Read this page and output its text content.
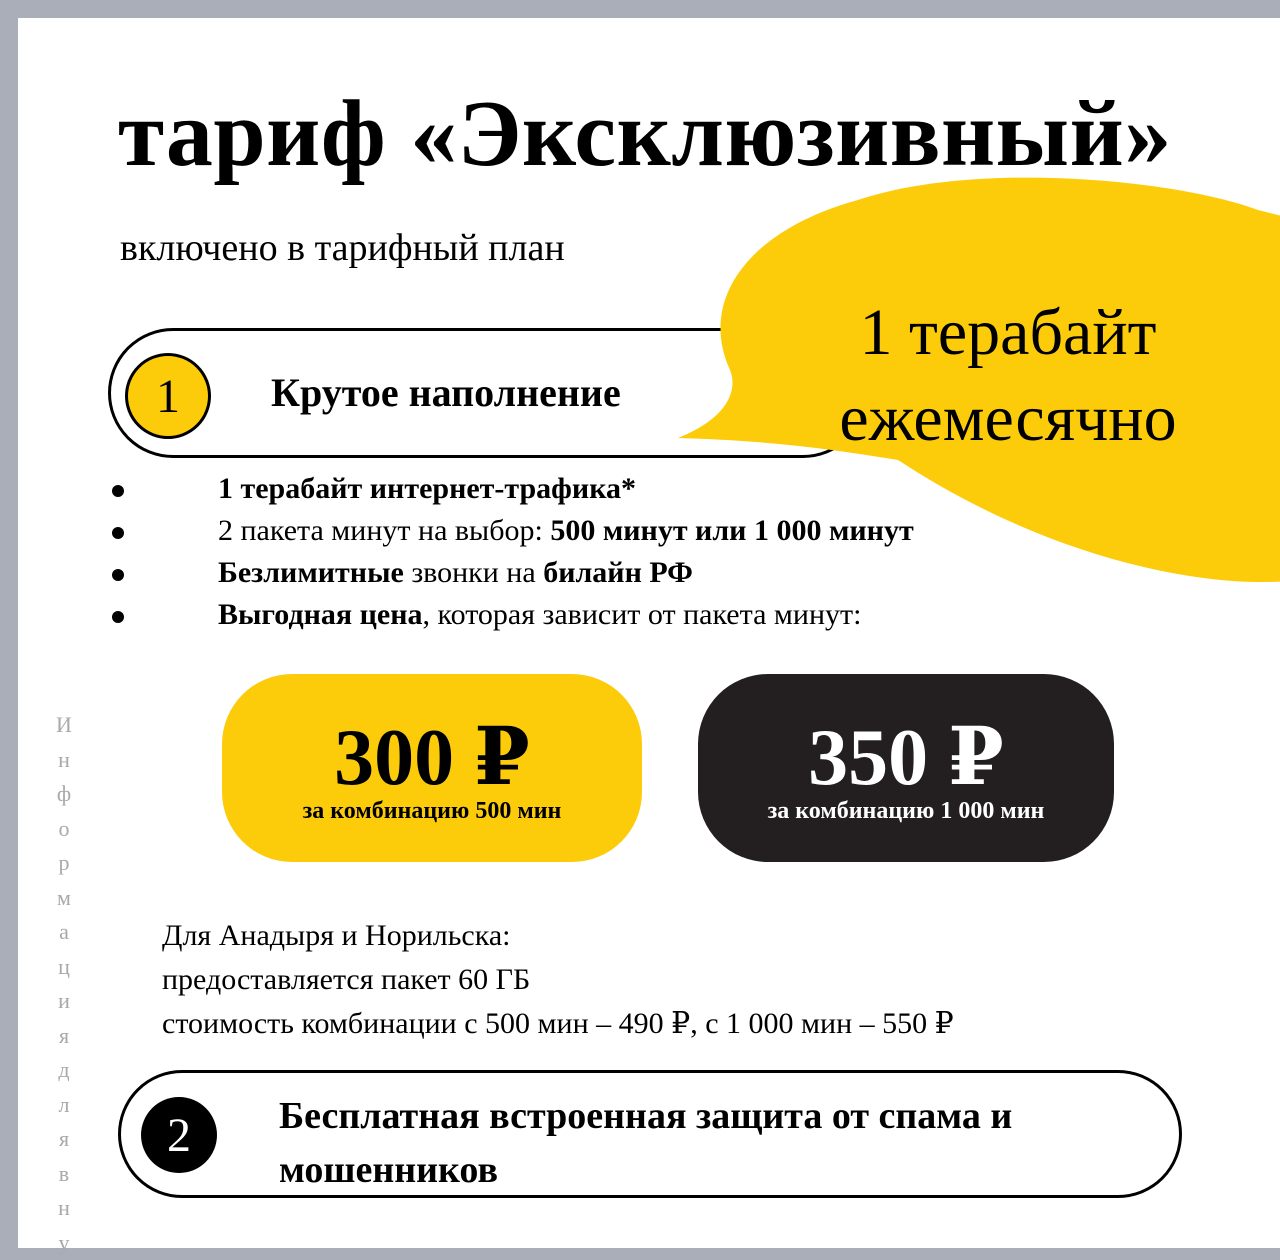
тариф «Эксклюзивный»
включено в тарифный план
1	Крутое наполнение
1 терабайт
ежемесячно
1 терабайт интернет-трафика*
2 пакета минут на выбор: 500 минут или 1 000 минут
Безлимитные звонки на билайн РФ
Выгодная цена, которая зависит от пакета минут:
300 ₽
за комбинацию 500 мин
350 ₽
за комбинацию 1 000 мин
Для Анадыря и Норильска:
предоставляется пакет 60 ГБ
стоимость комбинации с 500 мин – 490 ₽, с 1 000 мин – 550 ₽
2	Бесплатная встроенная защита от спама и мошенников
И
н
ф
о
р
м
а
ц
и
я
д
л
я
в
н
у
